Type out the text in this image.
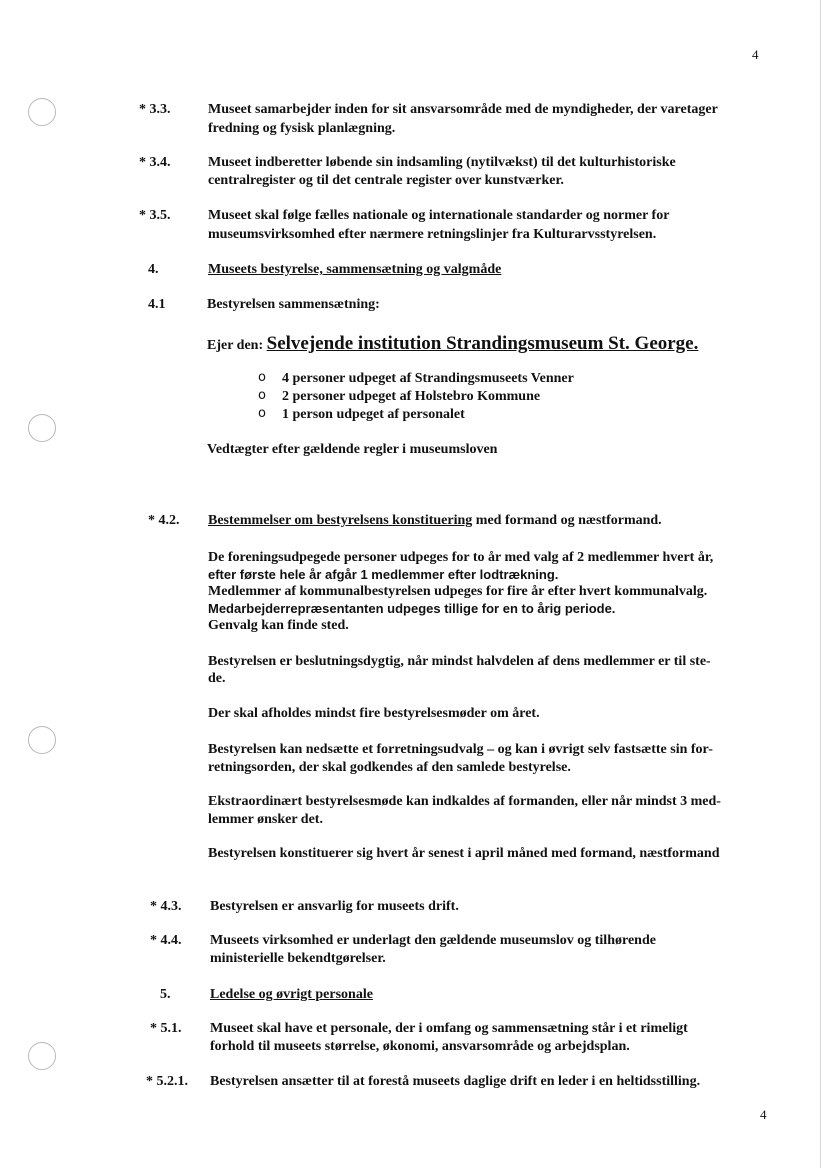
4
* 3.3.	Museet samarbejder inden for sit ansvarsområde med de myndigheder, der varetager
fredning og fysisk planlægning.
* 3.4.	Museet indberetter løbende sin indsamling (nytilvækst) til det kulturhistoriske
centralregister og til det centrale register over kunstværker.
* 3.5.	Museet skal følge fælles nationale og internationale standarder og normer for
museumsvirksomhed efter nærmere retningslinjer fra Kulturarvsstyrelsen.
4.	Museets bestyrelse, sammensætning og valgmåde
4.1	Bestyrelsen sammensætning:
Ejer den: Selvejende institution Strandingsmuseum St. George.
o 4 personer udpeget af Strandingsmuseets Venner
o 2 personer udpeget af Holstebro Kommune
o 1 person udpeget af personalet
Vedtægter efter gældende regler i museumsloven
* 4.2. Bestemmelser om bestyrelsens konstituering med formand og næstformand.
De foreningsudpegede personer udpeges for to år med valg af 2 medlemmer hvert år,
efter første hele år afgår 1 medlemmer efter lodtrækning.
Medlemmer af kommunalbestyrelsen udpeges for fire år efter hvert kommunalvalg.
Medarbejderrepræsentanten udpeges tillige for en to årig periode.
Genvalg kan finde sted.
Bestyrelsen er beslutningsdygtig, når mindst halvdelen af dens medlemmer er til ste-
de.
Der skal afholdes mindst fire bestyrelsesmøder om året.
Bestyrelsen kan nedsætte et forretningsudvalg – og kan i øvrigt selv fastsætte sin for-
retningsorden, der skal godkendes af den samlede bestyrelse.
Ekstraordinært bestyrelsesmøde kan indkaldes af formanden, eller når mindst 3 med-
lemmer ønsker det.
Bestyrelsen konstituerer sig hvert år senest i april måned med formand, næstformand
* 4.3. Bestyrelsen er ansvarlig for museets drift.
* 4.4. Museets virksomhed er underlagt den gældende museumslov og tilhørende
ministerielle bekendtgørelser.
5.	Ledelse og øvrigt personale
* 5.1. Museet skal have et personale, der i omfang og sammensætning står i et rimeligt
forhold til museets størrelse, økonomi, ansvarsområde og arbejdsplan.
* 5.2.1. Bestyrelsen ansætter til at forestå museets daglige drift en leder i en heltidsstilling.
4
